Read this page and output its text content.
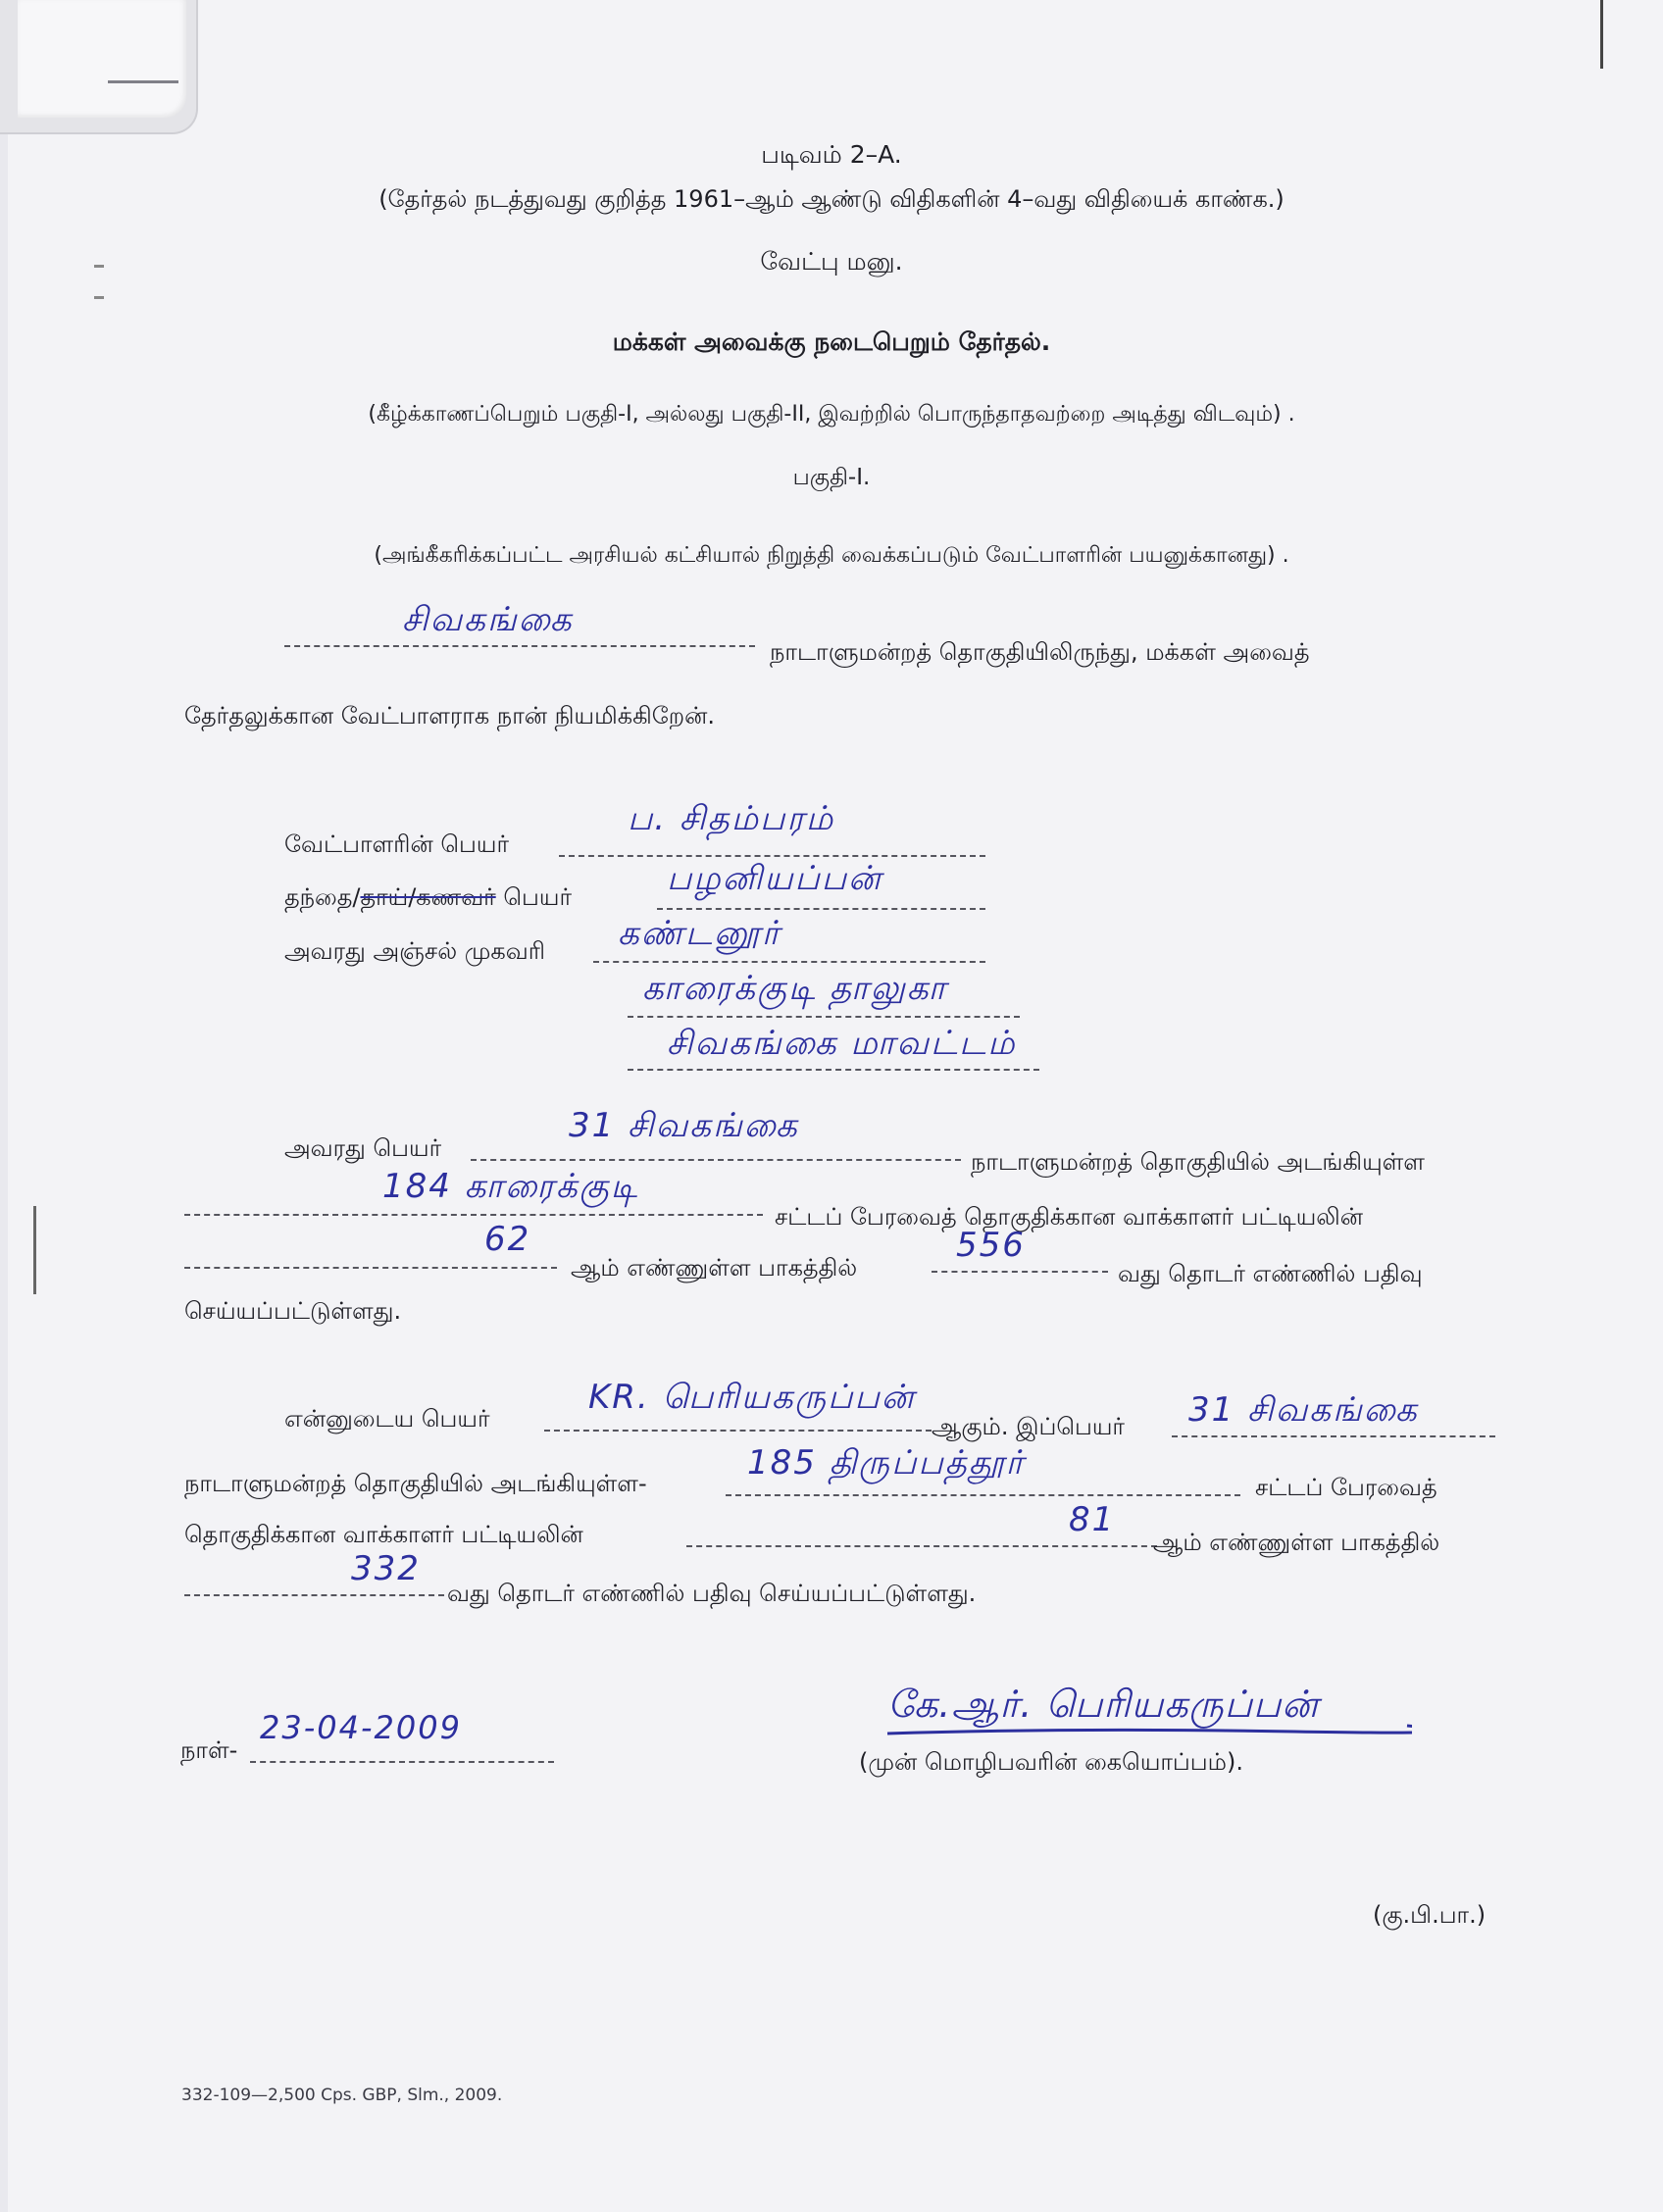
படிவம் 2–A.
(தேர்தல் நடத்துவது குறித்த 1961–ஆம் ஆண்டு விதிகளின் 4–வது விதியைக் காண்க.)
வேட்பு மனு.
மக்கள் அவைக்கு நடைபெறும் தேர்தல்.
(கீழ்க்காணப்பெறும் பகுதி-I, அல்லது பகுதி-II, இவற்றில் பொருந்தாதவற்றை அடித்து விடவும்) .
பகுதி-I.
(அங்கீகரிக்கப்பட்ட அரசியல் கட்சியால் நிறுத்தி வைக்கப்படும் வேட்பாளரின் பயனுக்கானது) .
சிவகங்கை
நாடாளுமன்றத் தொகுதியிலிருந்து, மக்கள் அவைத்
தேர்தலுக்கான வேட்பாளராக நான் நியமிக்கிறேன்.
வேட்பாளரின் பெயர்
ப. சிதம்பரம்
தந்தை/தாய்/கணவர் பெயர்	பழனியப்பன்
அவரது அஞ்சல் முகவரி கண்டனூர்
காரைக்குடி தாலுகா
சிவகங்கை மாவட்டம்
அவரது பெயர்
31 சிவகங்கை
நாடாளுமன்றத் தொகுதியில் அடங்கியுள்ள
184 காரைக்குடி
சட்டப் பேரவைத் தொகுதிக்கான வாக்காளர் பட்டியலின்
62
ஆம் எண்ணுள்ள பாகத்தில்
556
வது தொடர் எண்ணில் பதிவு
செய்யப்பட்டுள்ளது.
என்னுடைய பெயர்
KR. பெரியகருப்பன்
ஆகும். இப்பெயர் 31 சிவகங்கை
நாடாளுமன்றத் தொகுதியில் அடங்கியுள்ள-
185 திருப்பத்தூர்
சட்டப் பேரவைத்
தொகுதிக்கான வாக்காளர் பட்டியலின்	81
ஆம் எண்ணுள்ள பாகத்தில்
332
வது தொடர் எண்ணில் பதிவு செய்யப்பட்டுள்ளது.
நாள்-
23-04-2009
கே.ஆர். பெரியகருப்பன்
(முன் மொழிபவரின் கையொப்பம்).
(கு.பி.பா.)
332-109—2,500 Cps. GBP, Slm., 2009.
